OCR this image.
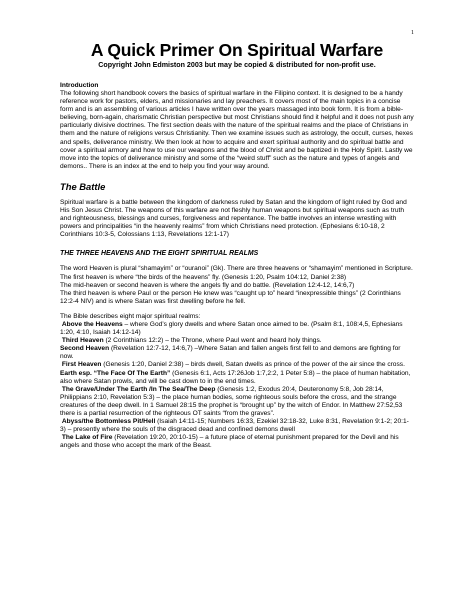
1
A Quick Primer On Spiritual Warfare

Copyright John Edmiston 2003 but may be copied & distributed for non-profit use.

Introduction

The following short handbook covers the basics of spiritual warfare in the Filipino context. It is designed to be a handy reference work for pastors, elders, and missionaries and lay preachers. It covers most of the main topics in a concise form and is an assembling of various articles I have written over the years massaged into book form. It is from a bible-believing, born-again, charismatic Christian perspective but most Christians should find it helpful and it does not push any particularly divisive doctrines. The first section deals with the nature of the spiritual realms and the place of Christians in them and the nature of religions versus Christianity. Then we examine issues such as astrology, the occult, curses, hexes and spells, deliverance ministry. We then look at how to acquire and exert spiritual authority and do spiritual battle and cover a spiritual armory and how to use our weapons and the blood of Christ and be baptized in the Holy Spirit. Lastly we move into the topics of deliverance ministry and some of the “weird stuff” such as the nature and types of angels and demons.. There is an index at the end to help you find your way around.

The Battle

Spiritual warfare is a battle between the kingdom of darkness ruled by Satan and the kingdom of light ruled by God and His Son Jesus Christ. The weapons of this warfare are not fleshly human weapons but spiritual weapons such as truth and righteousness, blessings and curses, forgiveness and repentance. The battle involves an intense wrestling with powers and principalities “in the heavenly realms” from which Christians need protection. (Ephesians 6:10-18, 2 Corinthians 10:3-5, Colossians 1:13, Revelations 12:1-17)

THE THREE HEAVENS AND THE EIGHT SPIRITUAL REALMS

The word Heaven is plural “shamayim” or “ouranoi” (Gk). There are three heavens or “shamayim” mentioned in Scripture.

The first heaven is where “the birds of the heavens” fly. (Genesis 1:20, Psalm 104:12, Daniel 2:38)

The mid-heaven or second heaven is where the angels fly and do battle. (Revelation 12:4-12, 14:6,7)

The third heaven is where Paul or the person He knew was “caught up to” heard “inexpressible things” (2 Corinthians 12:2-4 NIV) and is where Satan was first dwelling before he fell.

The Bible describes eight major spiritual realms:

Above the Heavens – where God’s glory dwells and where Satan once aimed to be. (Psalm 8:1, 108:4,5, Ephesians 1:20, 4:10, Isaiah 14:12-14)

Third Heaven (2 Corinthians 12:2) – the Throne, where Paul went and heard holy things.

Second Heaven (Revelation 12:7-12, 14:6,7) –Where Satan and fallen angels first fell to and demons are fighting for now.

First Heaven (Genesis 1:20, Daniel 2:38) – birds dwell, Satan dwells as prince of the power of the air since the cross.

Earth esp. “The Face Of The Earth” (Genesis 6:1, Acts 17:26Job 1:7,2:2, 1 Peter 5:8) – the place of human habitation, also where Satan prowls, and will be cast down to in the end times.

The Grave/Under The Earth /In The Sea/The Deep (Genesis 1:2, Exodus 20:4, Deuteronomy 5:8, Job 28:14, Philippians 2:10, Revelation 5:3) – the place human bodies, some righteous souls before the cross, and the strange creatures of the deep dwell. In 1 Samuel 28:15 the prophet is “brought up” by the witch of Endor. In Matthew 27:52,53 there is a partial resurrection of the righteous OT saints “from the graves”.

Abyss/the Bottomless Pit/Hell (Isaiah 14:11-15; Numbers 16:33, Ezekiel 32:18-32, Luke 8:31, Revelation 9:1-2; 20:1-3) – presently where the souls of the disgraced dead and confined demons dwell

The Lake of Fire (Revelation 19:20, 20:10-15) – a future place of eternal punishment prepared for the Devil and his angels and those who accept the mark of the Beast.
